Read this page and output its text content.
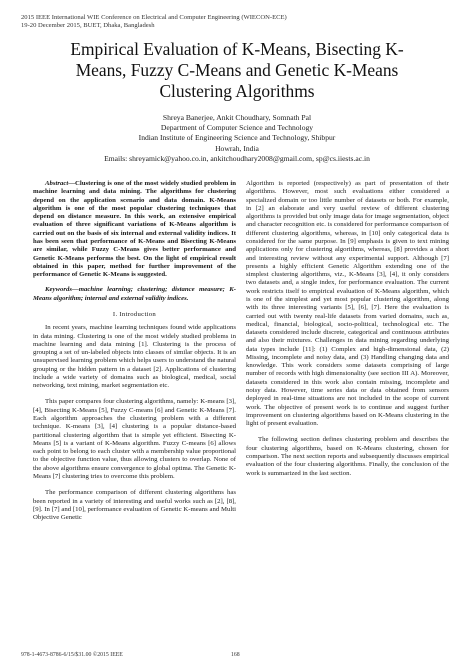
2015 IEEE International WIE Conference on Electrical and Computer Engineering (WIECON-ECE)
19-20 December 2015, BUET, Dhaka, Bangladesh
Empirical Evaluation of K-Means, Bisecting K-
Means, Fuzzy C-Means and Genetic K-Means
Clustering Algorithms
Shreya Banerjee, Ankit Choudhary, Somnath Pal
Department of Computer Science and Technology
Indian Institute of Engineering Science and Technology, Shibpur
Howrah, India
Emails: shreyamick@yahoo.co.in, ankitchoudhary2008@gmail.com, sp@cs.iiests.ac.in

Abstract—Clustering is one of the most widely studied problem in machine learning and data mining. The algorithms for clustering depend on the application scenario and data domain. K-Means algorithm is one of the most popular clustering techniques that depend on distance measure. In this work, an extensive empirical evaluation of three significant variations of K-Means algorithm is carried out on the basis of six internal and external validity indices. It has been seen that performance of K-Means and Bisecting K-Means are similar, while Fuzzy C-Means gives better performance and Genetic K-Means performs the best. On the light of empirical result obtained in this paper, method for further improvement of the performance of Genetic K-Means is suggested.

Keywords—machine learning; clustering; distance measure; K-Means algorithm; internal and external validity indices.

I. Introduction

In recent years, machine learning techniques found wide applications in data mining. Clustering is one of the most widely studied problems in machine learning and data mining [1]. Clustering is the process of grouping a set of un-labeled objects into classes of similar objects. It is an unsupervised learning problem which helps users to understand the natural grouping or the hidden pattern in a dataset [2]. Applications of clustering include a wide variety of domains such as biological, medical, social networking, text mining, market segmentation etc.

This paper compares four clustering algorithms, namely: K-means [3], [4], Bisecting K-Means [5], Fuzzy C-means [6] and Genetic K-Means [7]. Each algorithm approaches the clustering problem with a different technique. K-means [3], [4] clustering is a popular distance-based partitional clustering algorithm that is simple yet efficient. Bisecting K-Means [5] is a variant of K-Means algorithm. Fuzzy C-means [6] allows each point to belong to each cluster with a membership value proportional to the objective function value, thus allowing clusters to overlap. None of the above algorithms ensure convergence to global optima. The Genetic K-Means [7] clustering tries to overcome this problem.

The performance comparison of different clustering algorithms has been reported in a variety of interesting and useful works such as [2], [8], [9]. In [7] and [10], performance evaluation of Genetic K-means and Multi Objective Genetic

Algorithm is reported (respectively) as part of presentation of their algorithms. However, most such evaluations either considered a specialized domain or too little number of datasets or both. For example, in [2] an elaborate and very useful review of different clustering algorithms is provided but only image data for image segmentation, object and character recognition etc. is considered for performance comparison of different clustering algorithms, whereas, in [10] only categorical data is considered for the same purpose. In [9] emphasis is given to text mining applications only for clustering algorithms, whereas, [8] provides a short and interesting review without any experimental support. Although [7] presents a highly efficient Genetic Algorithm extending one of the simplest clustering algorithms, viz., K-Means [3], [4], it only considers two datasets and, a single index, for performance evaluation. The current work restricts itself to empirical evaluation of K-Means algorithm, which is one of the simplest and yet most popular clustering algorithm, along with its three interesting variants [5], [6], [7]. Here the evaluation is carried out with twenty real-life datasets from varied domains, such as, medical, financial, biological, socio-political, technological etc. The datasets considered include discrete, categorical and continuous attributes and also their mixtures. Challenges in data mining regarding underlying data types include [11]: (1) Complex and high-dimensional data, (2) Missing, incomplete and noisy data, and (3) Handling changing data and knowledge. This work considers some datasets comprising of large number of records with high dimensionality (see section III A). Moreover, datasets considered in this work also contain missing, incomplete and noisy data. However, time series data or data obtained from sensors deployed in real-time situations are not included in the scope of current work. The objective of present work is to continue and suggest further improvement on clustering algorithms based on K-Means clustering in the light of present evaluation.

The following section defines clustering problem and describes the four clustering algorithms, based on K-Means clustering, chosen for comparison. The next section reports and subsequently discusses empirical evaluation of the four clustering algorithms. Finally, the conclusion of the work is summarized in the last section.

978-1-4673-8786-6/15/$31.00 ©2015 IEEE	168
